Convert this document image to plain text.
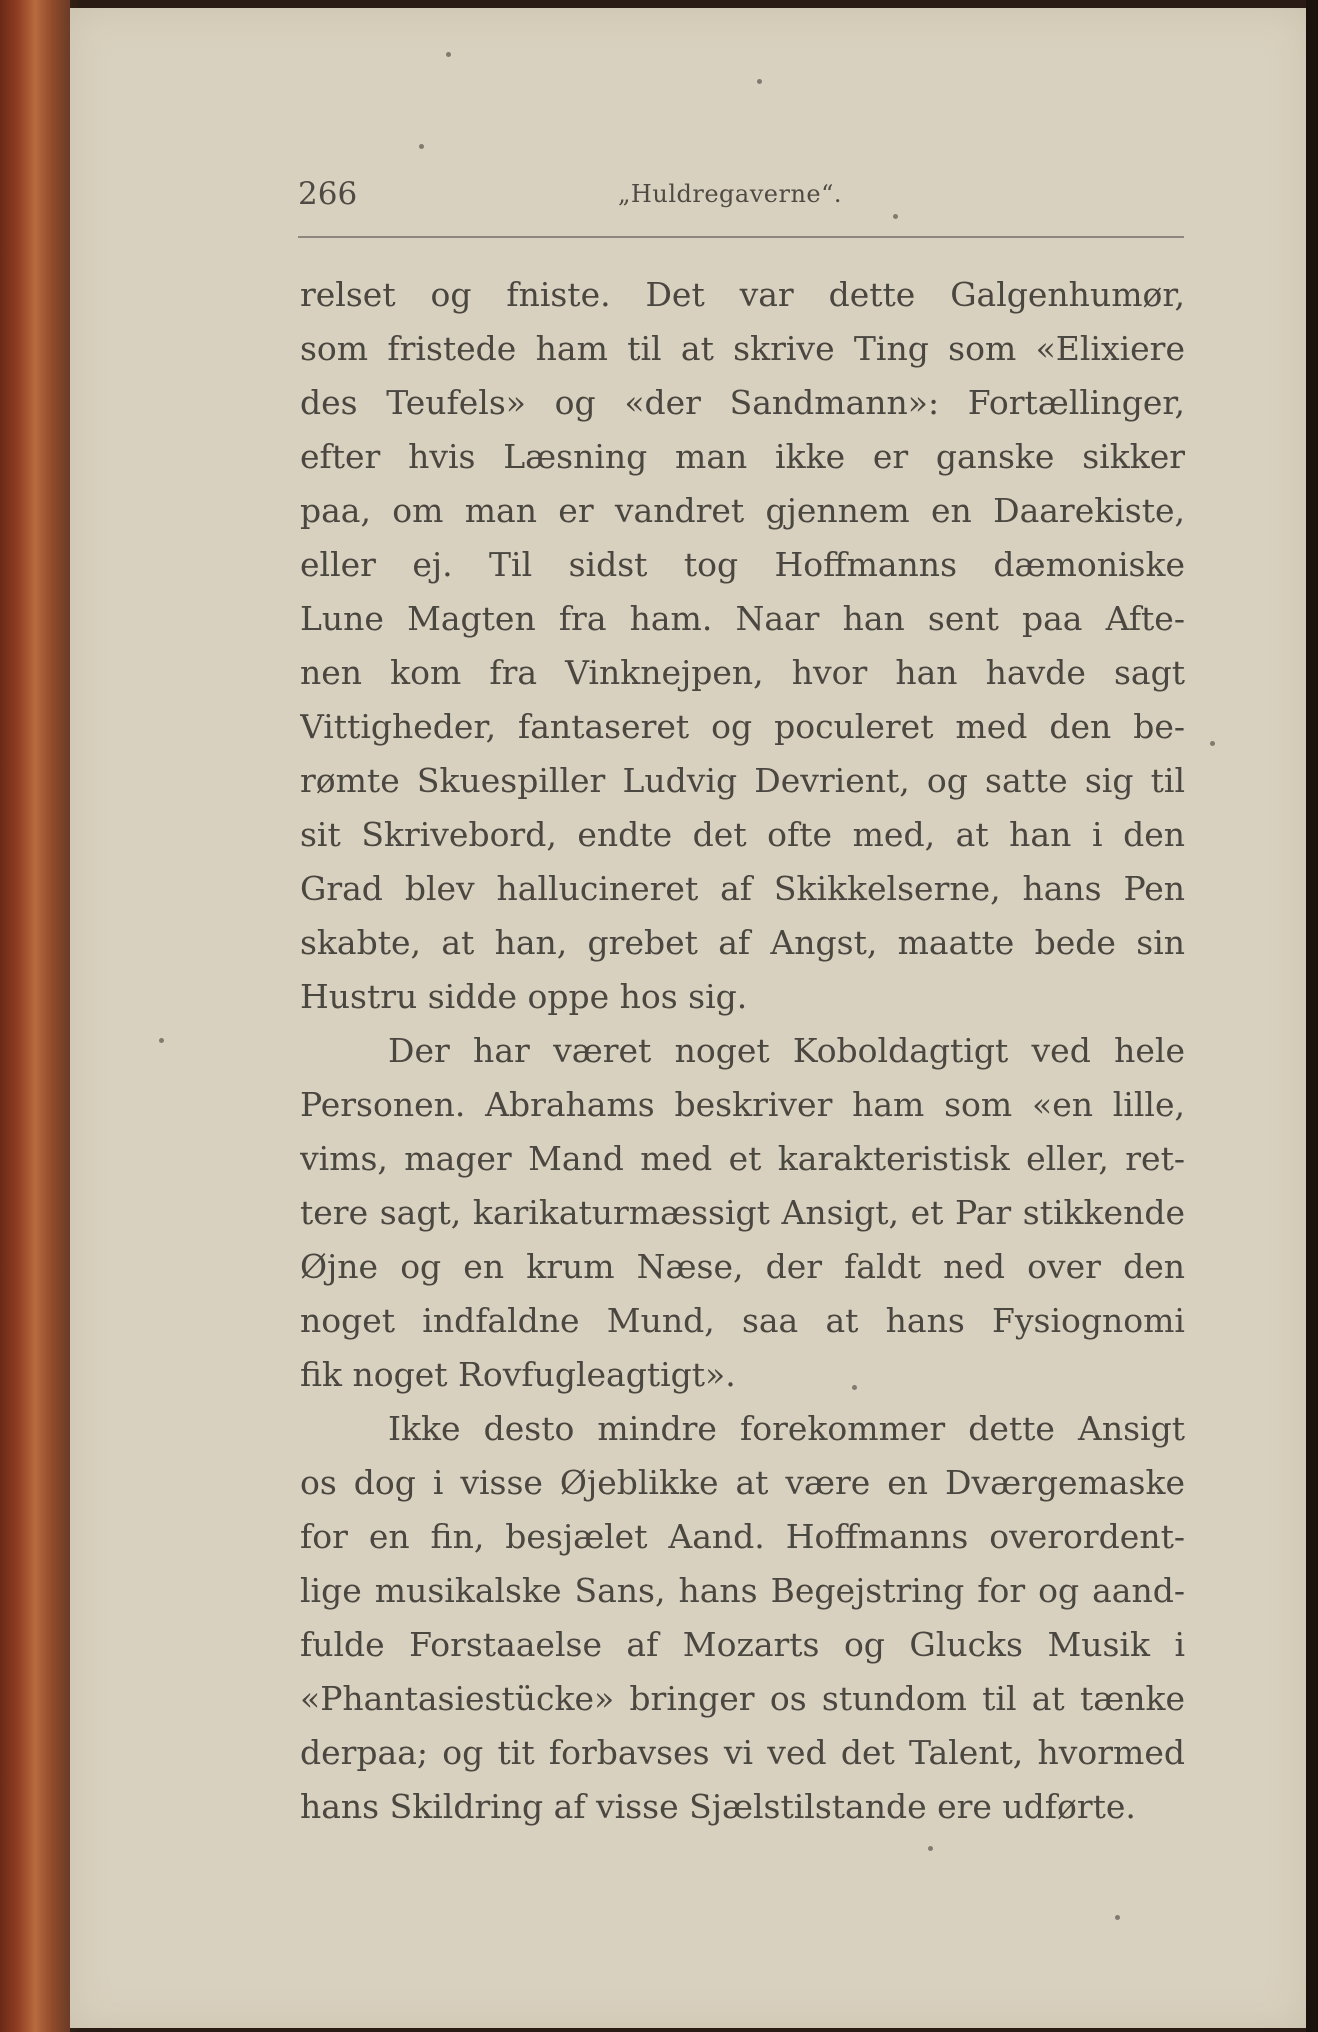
266	„Huldregaverne“.
relset og fniste. Det var dette Galgenhumør,
som fristede ham til at skrive Ting som «Elixiere
des Teufels» og «der Sandmann»: Fortællinger,
efter hvis Læsning man ikke er ganske sikker
paa, om man er vandret gjennem en Daarekiste,
eller ej. Til sidst tog Hoffmanns dæmoniske
Lune Magten fra ham. Naar han sent paa Afte-
nen kom fra Vinknejpen, hvor han havde sagt
Vittigheder, fantaseret og poculeret med den be-
rømte Skuespiller Ludvig Devrient, og satte sig til
sit Skrivebord, endte det ofte med, at han i den
Grad blev hallucineret af Skikkelserne, hans Pen
skabte, at han, grebet af Angst, maatte bede sin
Hustru sidde oppe hos sig.
Der har været noget Koboldagtigt ved hele
Personen. Abrahams beskriver ham som «en lille,
vims, mager Mand med et karakteristisk eller, ret-
tere sagt, karikaturmæssigt Ansigt, et Par stikkende
Øjne og en krum Næse, der faldt ned over den
noget indfaldne Mund, saa at hans Fysiognomi
fik noget Rovfugleagtigt».
Ikke desto mindre forekommer dette Ansigt
os dog i visse Øjeblikke at være en Dværgemaske
for en fin, besjælet Aand. Hoffmanns overordent-
lige musikalske Sans, hans Begejstring for og aand-
fulde Forstaaelse af Mozarts og Glucks Musik i
«Phantasiestücke» bringer os stundom til at tænke
derpaa; og tit forbavses vi ved det Talent, hvormed
hans Skildring af visse Sjælstilstande ere udførte.
